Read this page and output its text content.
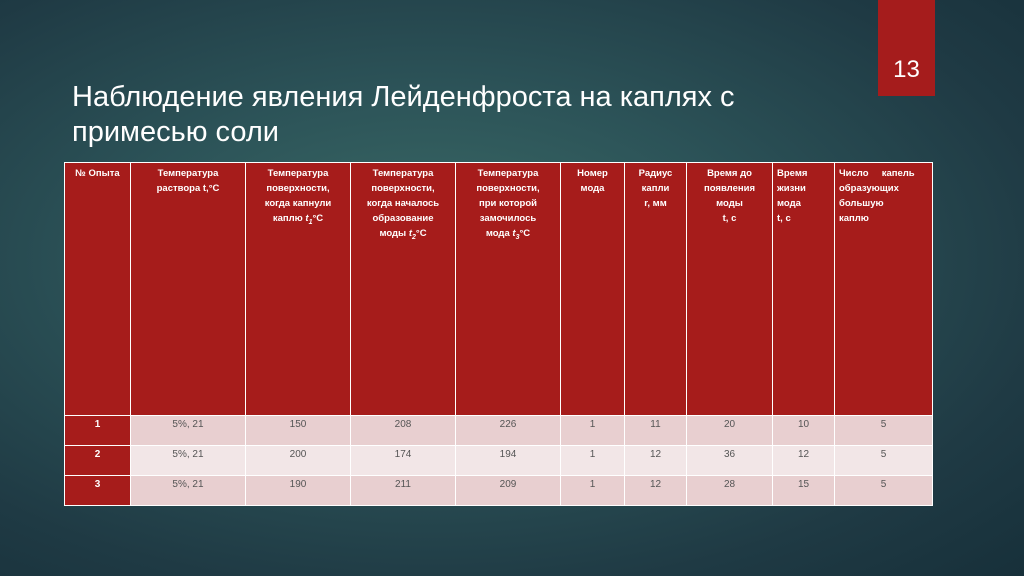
13
Наблюдение явления Лейденфроста на каплях с примесью соли
№ Опыта	Температура
раствора t,°C	Температура
поверхности,
когда капнули
каплю $t_1^\circ C$	Температура
поверхности,
когда началось
образование
моды $t_2^\circ C$	Температура
поверхности,
при которой
замочилось
мода $t_3^\circ C$	Номер
мода	Радиус
капли
r, мм	Время до
появления
моды
t, c	Время
жизни
мода
t, c	Число     капель
образующих
большую
каплю
1	5%, 21	150	208	226	1	11	20	10	5
2	5%, 21	200	174	194	1	12	36	12	5
3	5%, 21	190	211	209	1	12	28	15	5
